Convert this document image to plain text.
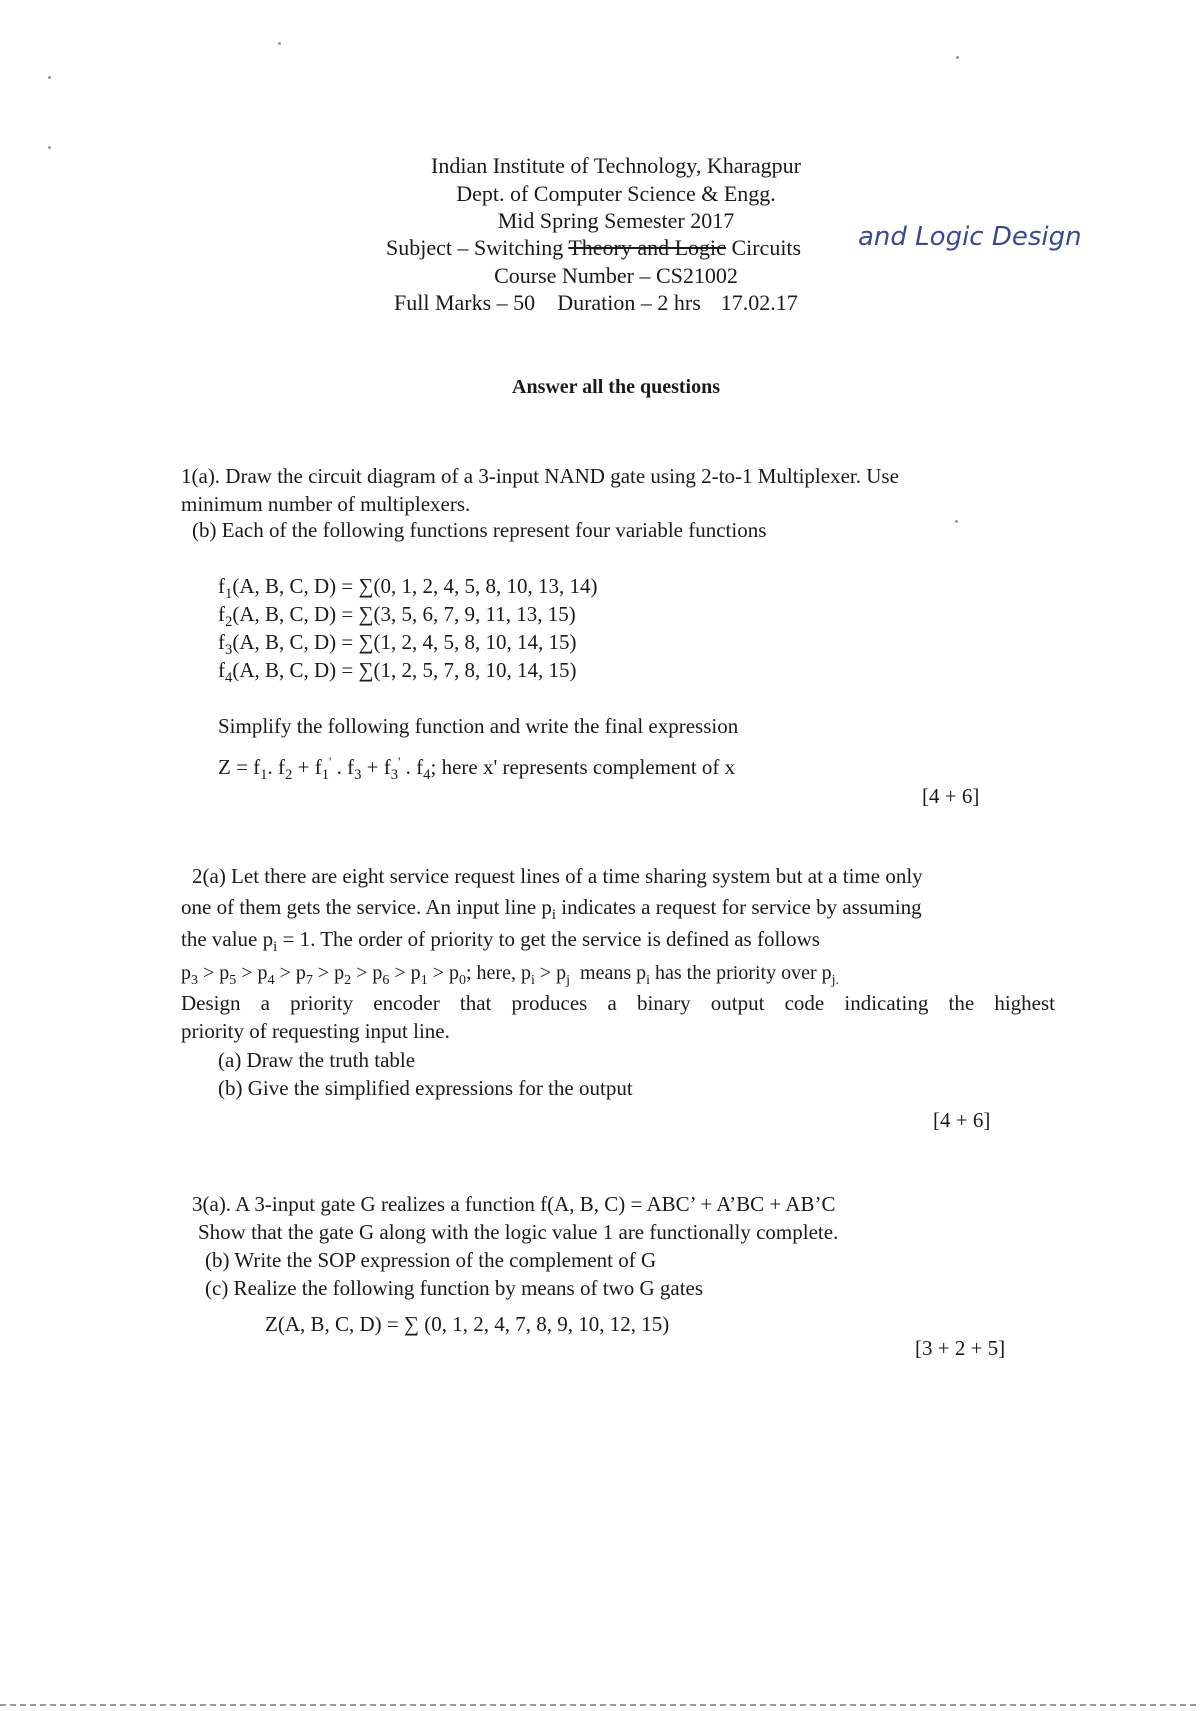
Indian Institute of Technology, Kharagpur
Dept. of Computer Science & Engg.
Mid Spring Semester 2017
Subject – Switching Theory and Logic Circuits and Logic Design
Course Number – CS21002
Full Marks – 50 Duration – 2 hrs 17.02.17
Answer all the questions
1(a). Draw the circuit diagram of a 3-input NAND gate using 2-to-1 Multiplexer. Use
minimum number of multiplexers.
(b) Each of the following functions represent four variable functions
$f_1(A$, B, C, D) = ∑(0, 1, 2, 4, 5, 8, 10, 13, 14)
$f_2(A$, B, C, D) = ∑(3, 5, 6, 7, 9, 11, 13, 15)
$f_3(A$, B, C, D) = ∑(1, 2, 4, 5, 8, 10, 14, 15)
$f_4(A$, B, C, D) = ∑(1, 2, 5, 7, 8, 10, 14, 15)
Simplify the following function and write the final expression
$Z = f_1$. $f_2 + f_1'$ . $f_3 + f_3'$ . $f_4$; here x' represents complement of x
[4 + 6]
2(a) Let there are eight service request lines of a time sharing system but at a time only
one of them gets the service. An input line $p_i$ indicates a request for service by assuming
the value $p_i = 1$. The order of priority to get the service is defined as follows
$p_3 > p_5 > p_4 > p_7 > p_2 > p_6 > p_1 > p_0$; here, $p_i > p_j$  means $p_i$ has the priority over $p_{j.}$
Design a priority encoder that produces a binary output code indicating the highest
priority of requesting input line.
(a) Draw the truth table
(b) Give the simplified expressions for the output
[4 + 6]
3(a). A 3-input gate G realizes a function f(A, B, C) = ABC’ + A’BC + AB’C
Show that the gate G along with the logic value 1 are functionally complete.
(b) Write the SOP expression of the complement of G
(c) Realize the following function by means of two G gates
Z(A, B, C, D) = ∑ (0, 1, 2, 4, 7, 8, 9, 10, 12, 15)
[3 + 2 + 5]
